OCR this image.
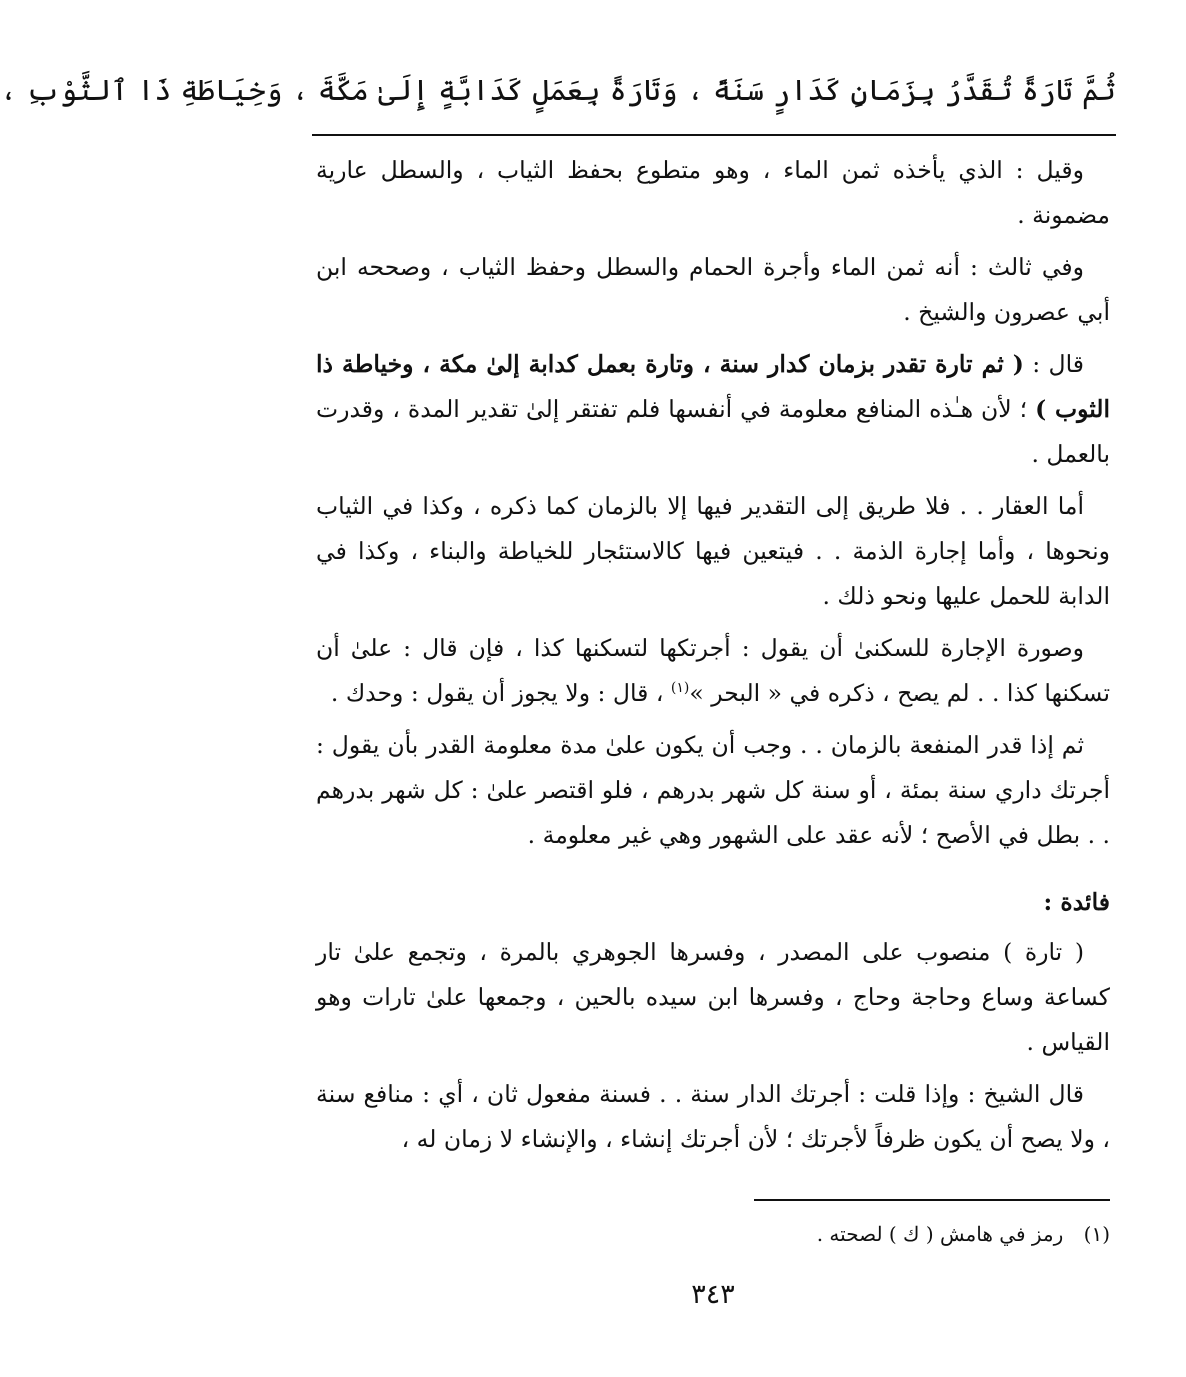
ثُمَّ تَارَةً تُقَدَّرُ بِزَمَانٍ كَدَارٍ سَنَةً ، وَتَارَةً بِعَمَلٍ كَدَابَّةٍ إِلَىٰ مَكَّةَ ، وَخِيَاطَةِ ذَا ٱلثَّوْبِ ،

وقيل : الذي يأخذه ثمن الماء ، وهو متطوع بحفظ الثياب ، والسطل عارية مضمونة .

وفي ثالث : أنه ثمن الماء وأجرة الحمام والسطل وحفظ الثياب ، وصححه ابن أبي عصرون والشيخ .

قال : ( ثم تارة تقدر بزمان كدار سنة ، وتارة بعمل كدابة إلىٰ مكة ، وخياطة ذا الثوب ) ؛ لأن هـٰذه المنافع معلومة في أنفسها فلم تفتقر إلىٰ تقدير المدة ، وقدرت بالعمل .

أما العقار . . فلا طريق إلى التقدير فيها إلا بالزمان كما ذكره ، وكذا في الثياب ونحوها ، وأما إجارة الذمة . . فيتعين فيها كالاستئجار للخياطة والبناء ، وكذا في الدابة للحمل عليها ونحو ذلك .

وصورة الإجارة للسكنىٰ أن يقول : أجرتكها لتسكنها كذا ، فإن قال : علىٰ أن تسكنها كذا . . لم يصح ، ذكره في « البحر »$^{(١)}$ ، قال : ولا يجوز أن يقول : وحدك .

ثم إذا قدر المنفعة بالزمان . . وجب أن يكون علىٰ مدة معلومة القدر بأن يقول : أجرتك داري سنة بمئة ، أو سنة كل شهر بدرهم ، فلو اقتصر علىٰ : كل شهر بدرهم . . بطل في الأصح ؛ لأنه عقد على الشهور وهي غير معلومة .

فائدة :

( تارة ) منصوب على المصدر ، وفسرها الجوهري بالمرة ، وتجمع علىٰ تار كساعة وساع وحاجة وحاج ، وفسرها ابن سيده بالحين ، وجمعها علىٰ تارات وهو القياس .

قال الشيخ : وإذا قلت : أجرتك الدار سنة . . فسنة مفعول ثان ، أي : منافع سنة ، ولا يصح أن يكون ظرفاً لأجرتك ؛ لأن أجرتك إنشاء ، والإنشاء لا زمان له ،

(١) رمز في هامش ( ك ) لصحته .
٣٤٣
